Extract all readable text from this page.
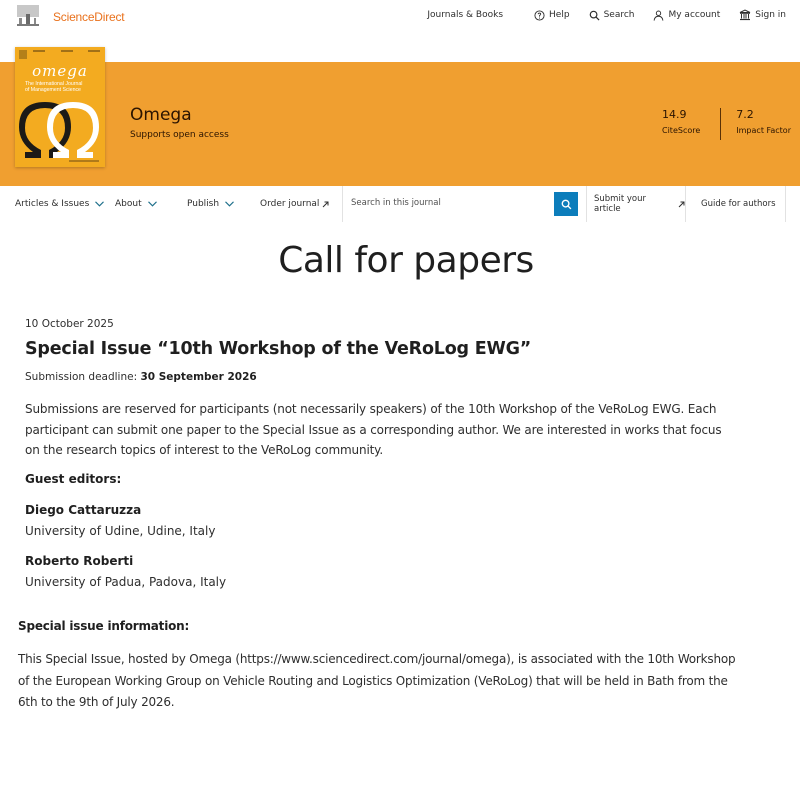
ScienceDirect	Journals & Books	Help	Search	My account	Sign in
omega
The International Journal
of Management Science
Omega
Supports open access
14.9
CiteScore
7.2
Impact Factor
Articles & Issues	About	Publish	Order journal
Search in this journal	Submit your article	Guide for authors
Call for papers
10 October 2025
Special Issue “10th Workshop of the VeRoLog EWG”
Submission deadline: 30 September 2026

Submissions are reserved for participants (not necessarily speakers) of the 10th Workshop of the VeRoLog EWG. Each participant can submit one paper to the Special Issue as a corresponding author. We are interested in works that focus on the research topics of interest to the VeRoLog community.

Guest editors:
Diego Cattaruzza
University of Udine, Udine, Italy
Roberto Roberti
University of Padua, Padova, Italy
Special issue information:

This Special Issue, hosted by Omega (https://www.sciencedirect.com/journal/omega), is associated with the 10th Workshop of the European Working Group on Vehicle Routing and Logistics Optimization (VeRoLog) that will be held in Bath from the 6th to the 9th of July 2026.
